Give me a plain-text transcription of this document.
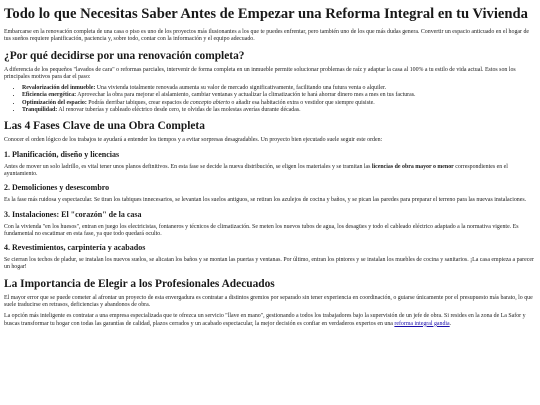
Todo lo que Necesitas Saber Antes de Empezar una Reforma Integral en tu Vivienda

Embarcarse en la renovación completa de una casa o piso es uno de los proyectos más ilusionantes a los que te puedes enfrentar, pero también uno de los que más dudas genera. Convertir un espacio anticuado en el hogar de tus sueños requiere planificación, paciencia y, sobre todo, contar con la información y el equipo adecuado.

¿Por qué decidirse por una renovación completa?

A diferencia de los pequeños "lavados de cara" o reformas parciales, intervenir de forma completa en un inmueble permite solucionar problemas de raíz y adaptar la casa al 100% a tu estilo de vida actual. Estos son los principales motivos para dar el paso:

• Revalorización del inmueble: Una vivienda totalmente renovada aumenta su valor de mercado significativamente, facilitando una futura venta o alquiler.
• Eficiencia energética: Aprovechar la obra para mejorar el aislamiento, cambiar ventanas y actualizar la climatización te hará ahorrar dinero mes a mes en tus facturas.
• Optimización del espacio: Podrás derribar tabiques, crear espacios de concepto abierto o añadir esa habitación extra o vestidor que siempre quisiste.
• Tranquilidad: Al renovar tuberías y cableado eléctrico desde cero, te olvidas de las molestas averías durante décadas.
Las 4 Fases Clave de una Obra Completa

Conocer el orden lógico de los trabajos te ayudará a entender los tiempos y a evitar sorpresas desagradables. Un proyecto bien ejecutado suele seguir este orden:

1. Planificación, diseño y licencias

Antes de mover un solo ladrillo, es vital tener unos planos definitivos. En esta fase se decide la nueva distribución, se eligen los materiales y se tramitan las licencias de obra mayor o menor correspondientes en el ayuntamiento.

2. Demoliciones y desescombro

Es la fase más ruidosa y espectacular. Se tiran los tabiques innecesarios, se levantan los suelos antiguos, se retiran los azulejos de cocina y baños, y se pican las paredes para preparar el terreno para las nuevas instalaciones.

3. Instalaciones: El "corazón" de la casa

Con la vivienda "en los huesos", entran en juego los electricistas, fontaneros y técnicos de climatización. Se meten los nuevos tubos de agua, los desagües y todo el cableado eléctrico adaptado a la normativa vigente. Es fundamental no escatimar en esta fase, ya que todo quedará oculto.

4. Revestimientos, carpintería y acabados

Se cierran los techos de pladur, se instalan los nuevos suelos, se alicatan los baños y se montan las puertas y ventanas. Por último, entran los pintores y se instalan los muebles de cocina y sanitarios. ¡La casa empieza a parecer un hogar!

La Importancia de Elegir a los Profesionales Adecuados

El mayor error que se puede cometer al afrontar un proyecto de esta envergadura es contratar a distintos gremios por separado sin tener experiencia en coordinación, o guiarse únicamente por el presupuesto más barato, lo que suele traducirse en retrasos, deficiencias y abandonos de obra.

La opción más inteligente es contratar a una empresa especializada que te ofrezca un servicio "llave en mano", gestionando a todos los trabajadores bajo la supervisión de un jefe de obra. Si resides en la zona de La Safor y buscas transformar tu hogar con todas las garantías de calidad, plazos cerrados y un acabado espectacular, la mejor decisión es confiar en verdaderos expertos en una reforma integral gandia.
